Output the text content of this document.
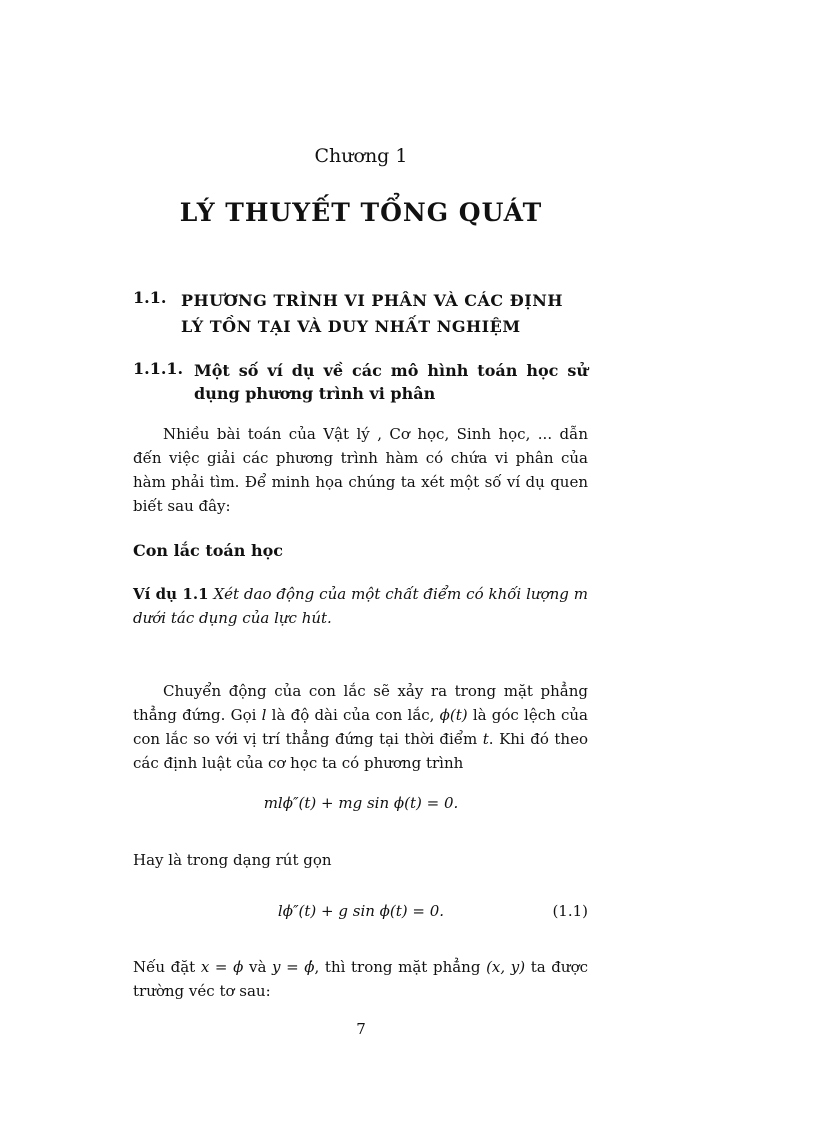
Chương 1
LÝ THUYẾT TỔNG QUÁT
1.1. PHƯƠNG TRÌNH VI PHÂN VÀ CÁC ĐỊNH LÝ TỒN TẠI VÀ DUY NHẤT NGHIỆM
1.1.1. Một số ví dụ về các mô hình toán học sử dụng phương trình vi phân
Nhiều bài toán của Vật lý , Cơ học, Sinh học, ... dẫn đến việc giải các phương trình hàm có chứa vi phân của hàm phải tìm. Để minh họa chúng ta xét một số ví dụ quen biết sau đây:
Con lắc toán học
Ví dụ 1.1 Xét dao động của một chất điểm có khối lượng m dưới tác dụng của lực hút.
Chuyển động của con lắc sẽ xảy ra trong mặt phẳng thẳng đứng. Gọi l là độ dài của con lắc, ϕ(t) là góc lệch của con lắc so với vị trí thẳng đứng tại thời điểm t. Khi đó theo các định luật của cơ học ta có phương trình
mlϕ″(t) + mg sin ϕ(t) = 0.
Hay là trong dạng rút gọn
lϕ″(t) + g sin ϕ(t) = 0.	(1.1)
Nếu đặt x = ϕ và y = ϕ̇, thì trong mặt phẳng (x, y) ta được trường véc tơ sau:
7
